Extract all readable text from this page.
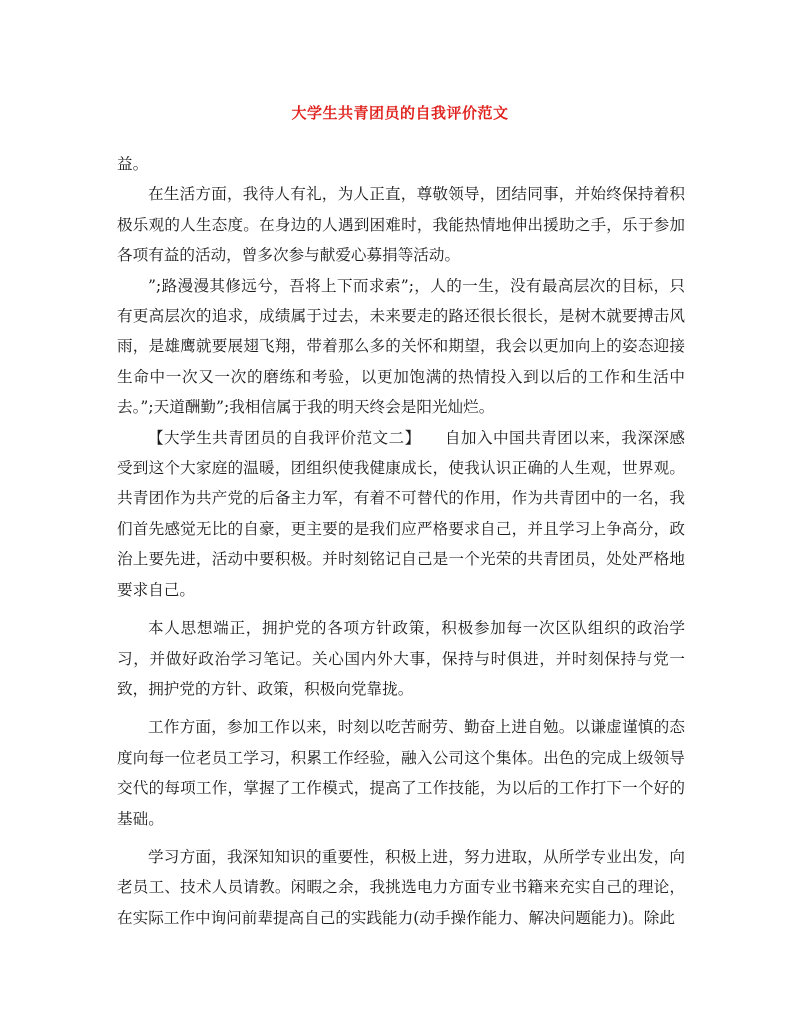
大学生共青团员的自我评价范文

益。

在生活方面，我待人有礼，为人正直，尊敬领导，团结同事，并始终保持着积极乐观的人生态度。在身边的人遇到困难时，我能热情地伸出援助之手，乐于参加各项有益的活动，曾多次参与献爱心募捐等活动。

”;路漫漫其修远兮，吾将上下而求索”;，人的一生，没有最高层次的目标，只有更高层次的追求，成绩属于过去，未来要走的路还很长很长，是树木就要搏击风雨，是雄鹰就要展翅飞翔，带着那么多的关怀和期望，我会以更加向上的姿态迎接生命中一次又一次的磨练和考验，以更加饱满的热情投入到以后的工作和生活中去。”;天道酬勤”;我相信属于我的明天终会是阳光灿烂。

【大学生共青团员的自我评价范文二】　　自加入中国共青团以来，我深深感受到这个大家庭的温暖，团组织使我健康成长，使我认识正确的人生观，世界观。共青团作为共产党的后备主力军，有着不可替代的作用，作为共青团中的一名，我们首先感觉无比的自豪，更主要的是我们应严格要求自己，并且学习上争高分，政治上要先进，活动中要积极。并时刻铭记自己是一个光荣的共青团员，处处严格地要求自己。

本人思想端正，拥护党的各项方针政策，积极参加每一次区队组织的政治学习，并做好政治学习笔记。关心国内外大事，保持与时俱进，并时刻保持与党一致，拥护党的方针、政策，积极向党靠拢。

工作方面，参加工作以来，时刻以吃苦耐劳、勤奋上进自勉。以谦虚谨慎的态度向每一位老员工学习，积累工作经验，融入公司这个集体。出色的完成上级领导交代的每项工作，掌握了工作模式，提高了工作技能，为以后的工作打下一个好的基础。

学习方面，我深知知识的重要性，积极上进，努力进取，从所学专业出发，向老员工、技术人员请教。闲暇之余，我挑选电力方面专业书籍来充实自己的理论，在实际工作中询问前辈提高自己的实践能力(动手操作能力、解决问题能力)。除此
